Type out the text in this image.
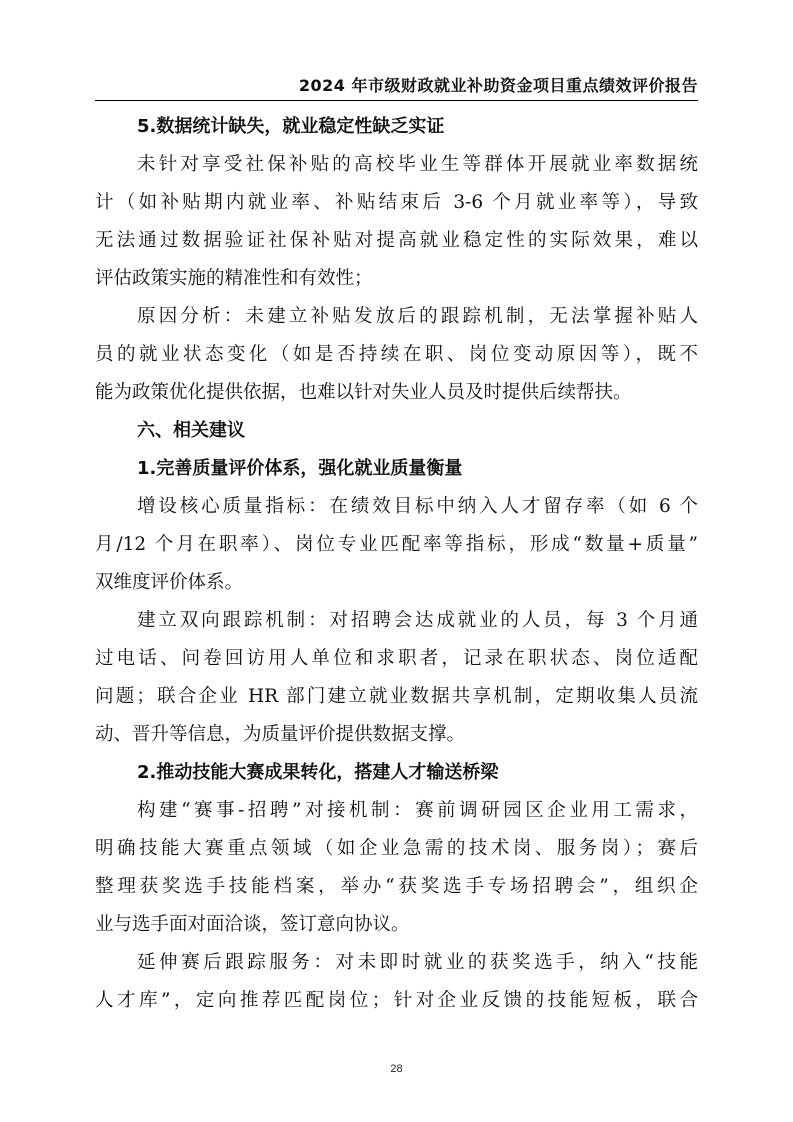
2024 年市级财政就业补助资金项目重点绩效评价报告
5.数据统计缺失，就业稳定性缺乏实证
未针对享受社保补贴的高校毕业生等群体开展就业率数据统
计（如补贴期内就业率、补贴结束后 3-6 个月就业率等），导致
无法通过数据验证社保补贴对提高就业稳定性的实际效果，难以
评估政策实施的精准性和有效性；
原因分析：未建立补贴发放后的跟踪机制，无法掌握补贴人
员的就业状态变化（如是否持续在职、岗位变动原因等），既不
能为政策优化提供依据，也难以针对失业人员及时提供后续帮扶。
六、相关建议
1.完善质量评价体系，强化就业质量衡量
增设核心质量指标：在绩效目标中纳入人才留存率（如 6 个
月/12 个月在职率）、岗位专业匹配率等指标，形成“数量+质量”
双维度评价体系。
建立双向跟踪机制：对招聘会达成就业的人员，每 3 个月通
过电话、问卷回访用人单位和求职者，记录在职状态、岗位适配
问题；联合企业 HR 部门建立就业数据共享机制，定期收集人员流
动、晋升等信息，为质量评价提供数据支撑。
2.推动技能大赛成果转化，搭建人才输送桥梁
构建“赛事-招聘”对接机制：赛前调研园区企业用工需求，
明确技能大赛重点领域（如企业急需的技术岗、服务岗）；赛后
整理获奖选手技能档案，举办“获奖选手专场招聘会”，组织企
业与选手面对面洽谈，签订意向协议。
延伸赛后跟踪服务：对未即时就业的获奖选手，纳入“技能
人才库”，定向推荐匹配岗位；针对企业反馈的技能短板，联合
28
